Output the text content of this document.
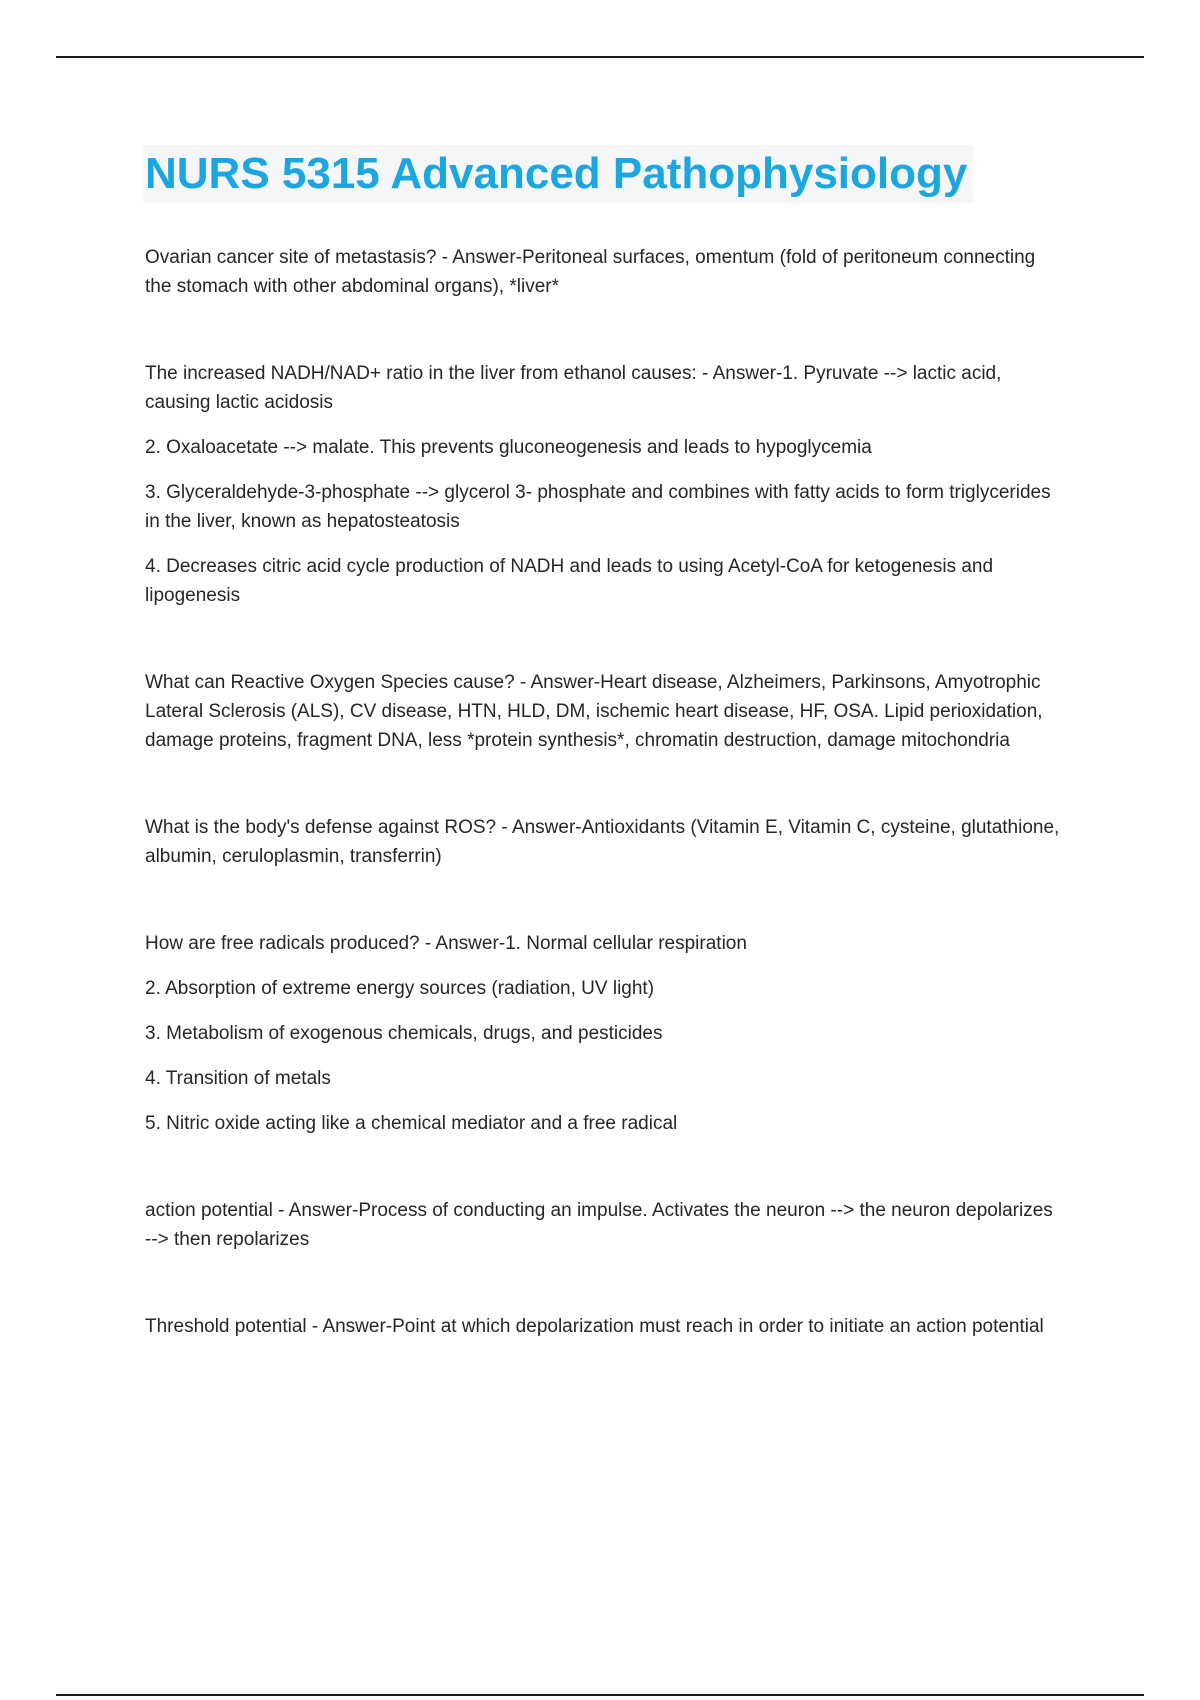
NURS 5315 Advanced Pathophysiology

Ovarian cancer site of metastasis? - Answer-Peritoneal surfaces, omentum (fold of peritoneum connecting the stomach with other abdominal organs), *liver*

The increased NADH/NAD+ ratio in the liver from ethanol causes: - Answer-1. Pyruvate --> lactic acid, causing lactic acidosis

2. Oxaloacetate --> malate. This prevents gluconeogenesis and leads to hypoglycemia

3. Glyceraldehyde-3-phosphate --> glycerol 3- phosphate and combines with fatty acids to form triglycerides in the liver, known as hepatosteatosis

4. Decreases citric acid cycle production of NADH and leads to using Acetyl-CoA for ketogenesis and lipogenesis

What can Reactive Oxygen Species cause? - Answer-Heart disease, Alzheimers, Parkinsons, Amyotrophic Lateral Sclerosis (ALS), CV disease, HTN, HLD, DM, ischemic heart disease, HF, OSA. Lipid perioxidation, damage proteins, fragment DNA, less *protein synthesis*, chromatin destruction, damage mitochondria

What is the body's defense against ROS? - Answer-Antioxidants (Vitamin E, Vitamin C, cysteine, glutathione, albumin, ceruloplasmin, transferrin)

How are free radicals produced? - Answer-1. Normal cellular respiration

2. Absorption of extreme energy sources (radiation, UV light)

3. Metabolism of exogenous chemicals, drugs, and pesticides

4. Transition of metals

5. Nitric oxide acting like a chemical mediator and a free radical

action potential - Answer-Process of conducting an impulse. Activates the neuron --> the neuron depolarizes --> then repolarizes

Threshold potential - Answer-Point at which depolarization must reach in order to initiate an action potential
